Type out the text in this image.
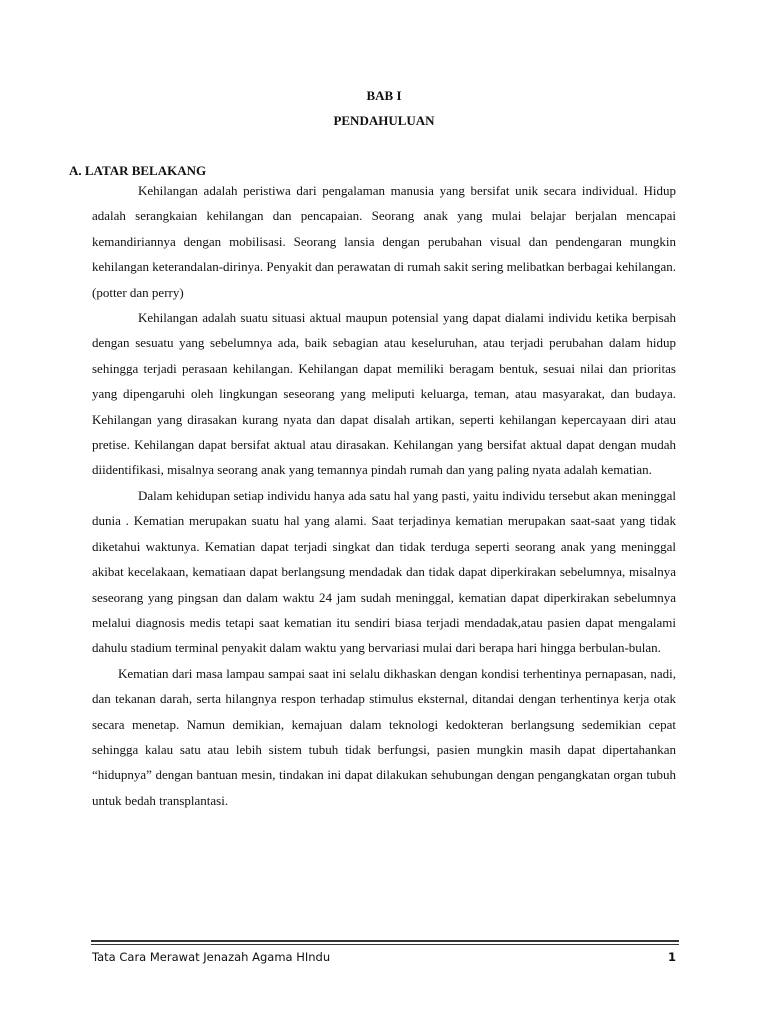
BAB I
PENDAHULUAN
A. LATAR BELAKANG

Kehilangan adalah peristiwa dari pengalaman manusia yang bersifat unik secara individual. Hidup adalah serangkaian kehilangan dan pencapaian. Seorang anak yang mulai belajar berjalan mencapai kemandiriannya dengan mobilisasi. Seorang lansia dengan perubahan visual dan pendengaran mungkin kehilangan keterandalan-dirinya. Penyakit dan perawatan di rumah sakit sering melibatkan berbagai kehilangan. (potter dan perry)

Kehilangan adalah suatu situasi aktual maupun potensial yang dapat dialami individu ketika berpisah dengan sesuatu yang sebelumnya ada, baik sebagian atau keseluruhan, atau terjadi perubahan dalam hidup sehingga terjadi perasaan kehilangan. Kehilangan dapat memiliki beragam bentuk, sesuai nilai dan prioritas yang dipengaruhi oleh lingkungan seseorang yang meliputi keluarga, teman, atau masyarakat, dan budaya. Kehilangan yang dirasakan kurang nyata dan dapat disalah artikan, seperti kehilangan kepercayaan diri atau pretise. Kehilangan dapat bersifat aktual atau dirasakan. Kehilangan yang bersifat aktual dapat dengan mudah diidentifikasi, misalnya seorang anak yang temannya pindah rumah dan yang paling nyata adalah kematian.

Dalam kehidupan setiap individu hanya ada satu hal yang pasti, yaitu individu tersebut akan meninggal dunia . Kematian merupakan suatu hal yang alami. Saat terjadinya kematian merupakan saat-saat yang tidak diketahui waktunya. Kematian dapat terjadi singkat dan tidak terduga seperti seorang anak yang meninggal akibat kecelakaan, kematiaan dapat berlangsung mendadak dan tidak dapat diperkirakan sebelumnya, misalnya seseorang yang pingsan dan dalam waktu 24 jam sudah meninggal, kematian dapat diperkirakan sebelumnya melalui diagnosis medis tetapi saat kematian itu sendiri biasa terjadi mendadak,atau pasien dapat mengalami dahulu stadium terminal penyakit dalam waktu yang bervariasi mulai dari berapa hari hingga berbulan-bulan.

Kematian dari masa lampau sampai saat ini selalu dikhaskan dengan kondisi terhentinya pernapasan, nadi, dan tekanan darah, serta hilangnya respon terhadap stimulus eksternal, ditandai dengan terhentinya kerja otak secara menetap. Namun demikian, kemajuan dalam teknologi kedokteran berlangsung sedemikian cepat sehingga kalau satu atau lebih sistem tubuh tidak berfungsi, pasien mungkin masih dapat dipertahankan “hidupnya” dengan bantuan mesin, tindakan ini dapat dilakukan sehubungan dengan pengangkatan organ tubuh untuk bedah transplantasi.

Tata Cara Merawat Jenazah Agama HIndu	1
